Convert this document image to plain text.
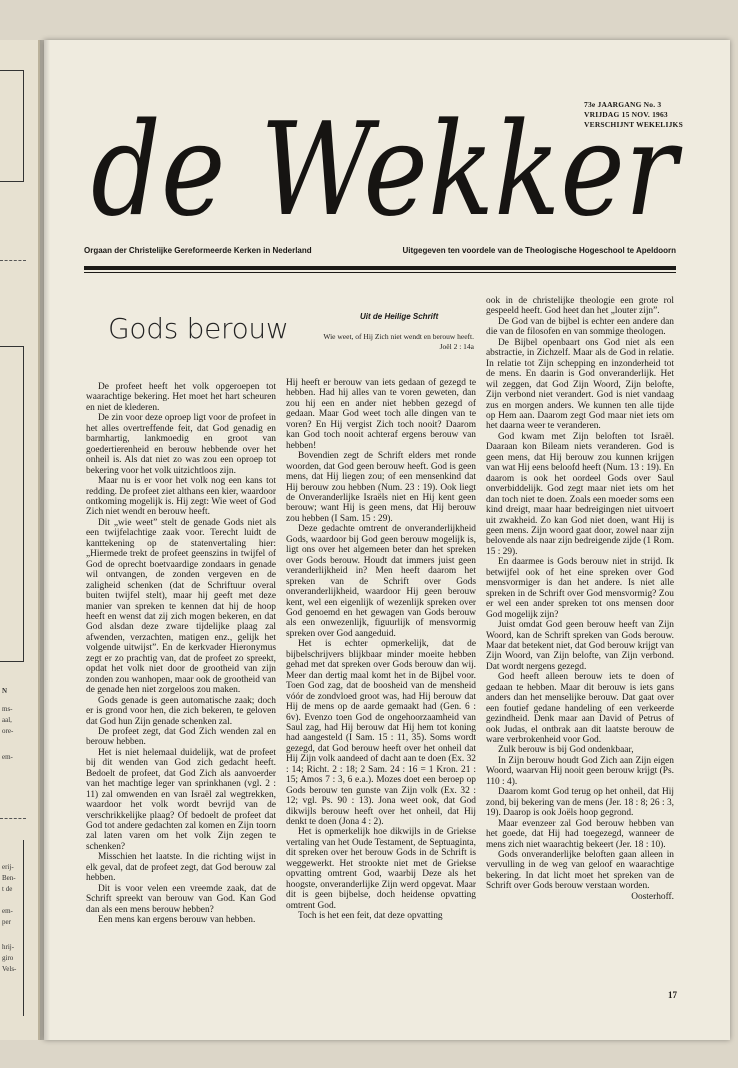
N
ms-
aal,
ore-
em-
erij-
Ben-
t de
em-
per
hrij-
giro
Vels-
73e JAARGANG No. 3
VRIJDAG 15 NOV. 1963
VERSCHIJNT WEKELIJKS
de Wekker
Orgaan der Christelijke Gereformeerde Kerken in Nederland	Uitgegeven ten voordele van de Theologische Hogeschool te Apeldoorn
Gods berouw	Uit de Heilige Schrift
Wie weet, of Hij Zich niet wendt en berouw heeft.
Joël 2 : 14a

De profeet heeft het volk opgeroepen tot waarachtige bekering. Het moet het hart scheuren en niet de klederen.

De zin voor deze oproep ligt voor de profeet in het alles overtreffende feit, dat God genadig en barmhartig, lankmoedig en groot van goedertierenheid en berouw hebbende over het onheil is. Als dat niet zo was zou een oproep tot bekering voor het volk uitzichtloos zijn.

Maar nu is er voor het volk nog een kans tot redding. De profeet ziet althans een kier, waardoor ontkoming mogelijk is. Hij zegt: Wie weet of God Zich niet wendt en berouw heeft.

Dit „wie weet” stelt de genade Gods niet als een twijfelachtige zaak voor. Terecht luidt de kanttekening op de statenvertaling hier: „Hiermede trekt de profeet geenszins in twijfel of God de oprecht boetvaardige zondaars in genade wil ontvangen, de zonden vergeven en de zaligheid schenken (dat de Schriftuur overal buiten twijfel stelt), maar hij geeft met deze manier van spreken te kennen dat hij de hoop heeft en wenst dat zij zich mogen bekeren, en dat God alsdan deze zware tijdelijke plaag zal afwenden, verzachten, matigen enz., gelijk het volgende uitwijst”. En de kerkvader Hieronymus zegt er zo prachtig van, dat de profeet zo spreekt, opdat het volk niet door de grootheid van zijn zonden zou wanhopen, maar ook de grootheid van de genade hen niet zorgeloos zou maken.

Gods genade is geen automatische zaak; doch er is grond voor hen, die zich bekeren, te geloven dat God hun Zijn genade schenken zal.

De profeet zegt, dat God Zich wenden zal en berouw hebben.

Het is niet helemaal duidelijk, wat de profeet bij dit wenden van God zich gedacht heeft. Bedoelt de profeet, dat God Zich als aanvoerder van het machtige leger van sprinkhanen (vgl. 2 : 11) zal omwenden en van Israël zal wegtrekken, waardoor het volk wordt bevrijd van de verschrikkelijke plaag? Of bedoelt de profeet dat God tot andere gedachten zal komen en Zijn toorn zal laten varen om het volk Zijn zegen te schenken?

Misschien het laatste. In die richting wijst in elk geval, dat de profeet zegt, dat God berouw zal hebben.

Dit is voor velen een vreemde zaak, dat de Schrift spreekt van berouw van God. Kan God dan als een mens berouw hebben?

Een mens kan ergens berouw van hebben.

Hij heeft er berouw van iets gedaan of gezegd te hebben. Had hij alles van te voren geweten, dan zou hij een en ander niet hebben gezegd of gedaan. Maar God weet toch alle dingen van te voren? En Hij vergist Zich toch nooit? Daarom kan God toch nooit achteraf ergens berouw van hebben!

Bovendien zegt de Schrift elders met ronde woorden, dat God geen berouw heeft. God is geen mens, dat Hij liegen zou; of een mensenkind dat Hij berouw zou hebben (Num. 23 : 19). Ook liegt de Onveranderlijke Israëls niet en Hij kent geen berouw; want Hij is geen mens, dat Hij berouw zou hebben (I Sam. 15 : 29).

Deze gedachte omtrent de onveranderlijkheid Gods, waardoor bij God geen berouw mogelijk is, ligt ons over het algemeen beter dan het spreken over Gods berouw. Houdt dat immers juist geen veranderlijkheid in? Men heeft daarom het spreken van de Schrift over Gods onveranderlijkheid, waardoor Hij geen berouw kent, wel een eigenlijk of wezenlijk spreken over God genoemd en het gewagen van Gods berouw als een onwezenlijk, figuurlijk of mensvormig spreken over God aangeduid.

Het is echter opmerkelijk, dat de bijbelschrijvers blijkbaar minder moeite hebben gehad met dat spreken over Gods berouw dan wij. Meer dan dertig maal komt het in de Bijbel voor. Toen God zag, dat de boosheid van de mensheid vóór de zondvloed groot was, had Hij berouw dat Hij de mens op de aarde gemaakt had (Gen. 6 : 6v). Evenzo toen God de ongehoorzaamheid van Saul zag, had Hij berouw dat Hij hem tot koning had aangesteld (I Sam. 15 : 11, 35). Soms wordt gezegd, dat God berouw heeft over het onheil dat Hij Zijn volk aandeed of dacht aan te doen (Ex. 32 : 14; Richt. 2 : 18; 2 Sam. 24 : 16 = 1 Kron. 21 : 15; Amos 7 : 3, 6 e.a.). Mozes doet een beroep op Gods berouw ten gunste van Zijn volk (Ex. 32 : 12; vgl. Ps. 90 : 13). Jona weet ook, dat God dikwijls berouw heeft over het onheil, dat Hij denkt te doen (Jona 4 : 2).

Het is opmerkelijk hoe dikwijls in de Griekse vertaling van het Oude Testament, de Septuaginta, dit spreken over het berouw Gods in de Schrift is weggewerkt. Het strookte niet met de Griekse opvatting omtrent God, waarbij Deze als het hoogste, onveranderlijke Zijn werd opgevat. Maar dit is geen bijbelse, doch heidense opvatting omtrent God.

Toch is het een feit, dat deze opvatting

ook in de christelijke theologie een grote rol gespeeld heeft. God heet dan het „louter zijn”.

De God van de bijbel is echter een andere dan die van de filosofen en van sommige theologen.

De Bijbel openbaart ons God niet als een abstractie, in Zichzelf. Maar als de God in relatie. In relatie tot Zijn schepping en inzonderheid tot de mens. En daarin is God onveranderlijk. Het wil zeggen, dat God Zijn Woord, Zijn belofte, Zijn verbond niet verandert. God is niet vandaag zus en morgen anders. We kunnen ten alle tijde op Hem aan. Daarom zegt God maar niet iets om het daarna weer te veranderen.

God kwam met Zijn beloften tot Israël. Daaraan kon Bileam niets veranderen. God is geen mens, dat Hij berouw zou kunnen krijgen van wat Hij eens beloofd heeft (Num. 13 : 19). En daarom is ook het oordeel Gods over Saul onverbiddelijk. God zegt maar niet iets om het dan toch niet te doen. Zoals een moeder soms een kind dreigt, maar haar bedreigingen niet uitvoert uit zwakheid. Zo kan God niet doen, want Hij is geen mens. Zijn woord gaat door, zowel naar zijn belovende als naar zijn bedreigende zijde (1 Rom. 15 : 29).

En daarmee is Gods berouw niet in strijd. Ik betwijfel ook of het eine spreken over God mensvormiger is dan het andere. Is niet alle spreken in de Schrift over God mensvormig? Zou er wel een ander spreken tot ons mensen door God mogelijk zijn?

Juist omdat God geen berouw heeft van Zijn Woord, kan de Schrift spreken van Gods berouw. Maar dat betekent niet, dat God berouw krijgt van Zijn Woord, van Zijn belofte, van Zijn verbond. Dat wordt nergens gezegd.

God heeft alleen berouw iets te doen of gedaan te hebben. Maar dit berouw is iets gans anders dan het menselijke berouw. Dat gaat over een foutief gedane handeling of een verkeerde gezindheid. Denk maar aan David of Petrus of ook Judas, el ontbrak aan dit laatste berouw de ware verbrokenheid voor God.

Zulk berouw is bij God ondenkbaar,

In Zijn berouw houdt God Zich aan Zijn eigen Woord, waarvan Hij nooit geen berouw krijgt (Ps. 110 : 4).

Daarom komt God terug op het onheil, dat Hij zond, bij bekering van de mens (Jer. 18 : 8; 26 : 3, 19). Daarop is ook Joëls hoop gegrond.

Maar evenzeer zal God berouw hebben van het goede, dat Hij had toegezegd, wanneer de mens zich niet waarachtig bekeert (Jer. 18 : 10).

Gods onveranderlijke beloften gaan alleen in vervulling in de weg van geloof en waarachtige bekering. In dat licht moet het spreken van de Schrift over Gods berouw verstaan worden.

Oosterhoff.
17
